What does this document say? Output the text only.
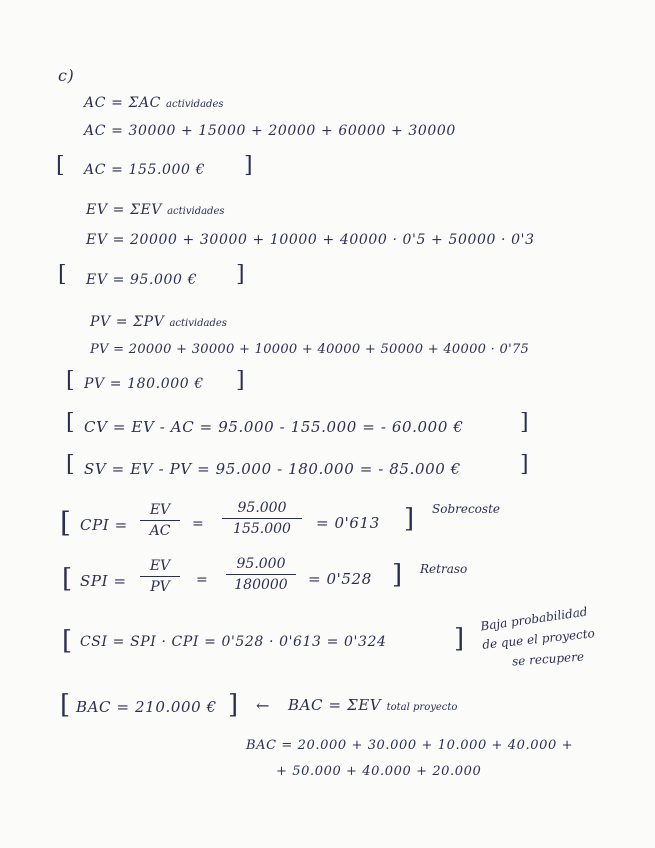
c)
AC = ΣAC actividades
AC = 30000 + 15000 + 20000 + 60000 + 30000
[ AC = 155.000 € ]
EV = ΣEV actividades
EV = 20000 + 30000 + 10000 + 40000 · 0'5 + 50000 · 0'3
[ EV = 95.000 € ]
PV = ΣPV actividades
PV = 20000 + 30000 + 10000 + 40000 + 50000 + 40000 · 0'75
[ PV = 180.000 € ]
[ CV = EV - AC = 95.000 - 155.000 = - 60.000 €	]
[ SV = EV - PV = 95.000 - 180.000 = - 85.000 €	]
[ CPI =
EV
AC	=
95.000
155.000	= 0'613 ] Sobrecoste
[ SPI =
EV
PV	=
95.000
180000	= 0'528 ] Retraso
[ CSI = SPI · CPI = 0'528 · 0'613 = 0'324	]
Baja probabilidad
de que el proyecto
se recupere
[ BAC = 210.000 € ] ← BAC = ΣEV total proyecto
BAC = 20.000 + 30.000 + 10.000 + 40.000 +
+ 50.000 + 40.000 + 20.000
